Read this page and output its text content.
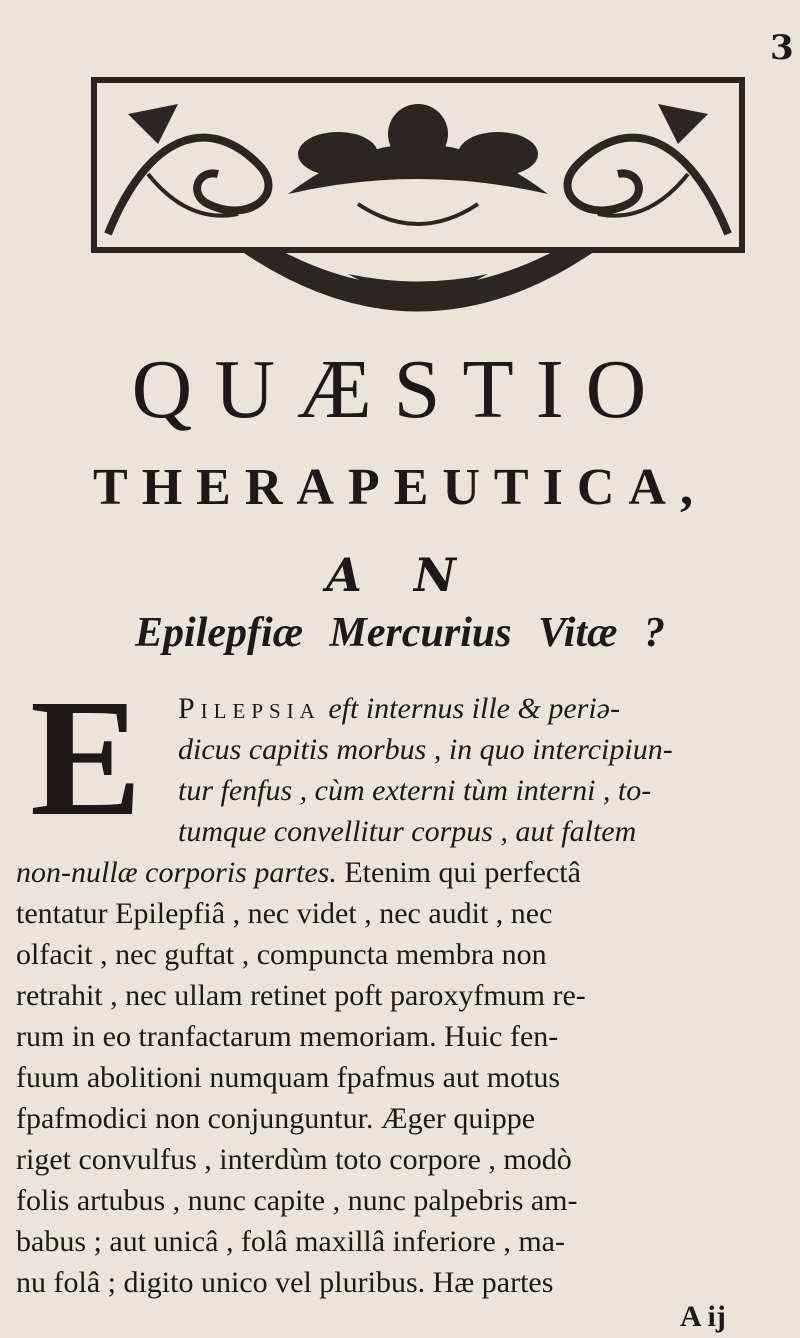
3
QUÆSTIO
THERAPEUTICA,
A N
Epilepfiæ Mercurius Vitæ ?
E Pilepsia eft internus ille & periə-
dicus capitis morbus , in quo intercipiun-
tur fenfus , cùm externi tùm interni , to-
tumque convellitur corpus , aut faltem
non-nullæ corporis partes. Etenim qui perfectâ
tentatur Epilepfiâ , nec videt , nec audit , nec
olfacit , nec guftat , compuncta membra non
retrahit , nec ullam retinet poft paroxyfmum re-
rum in eo tranfactarum memoriam. Huic fen-
fuum abolitioni numquam fpafmus aut motus
fpafmodici non conjunguntur. Æger quippe
riget convulfus , interdùm toto corpore , modò
folis artubus , nunc capite , nunc palpebris am-
babus ; aut unicâ , folâ maxillâ inferiore , ma-
nu folâ ; digito unico vel pluribus. Hæ partes
A ij
